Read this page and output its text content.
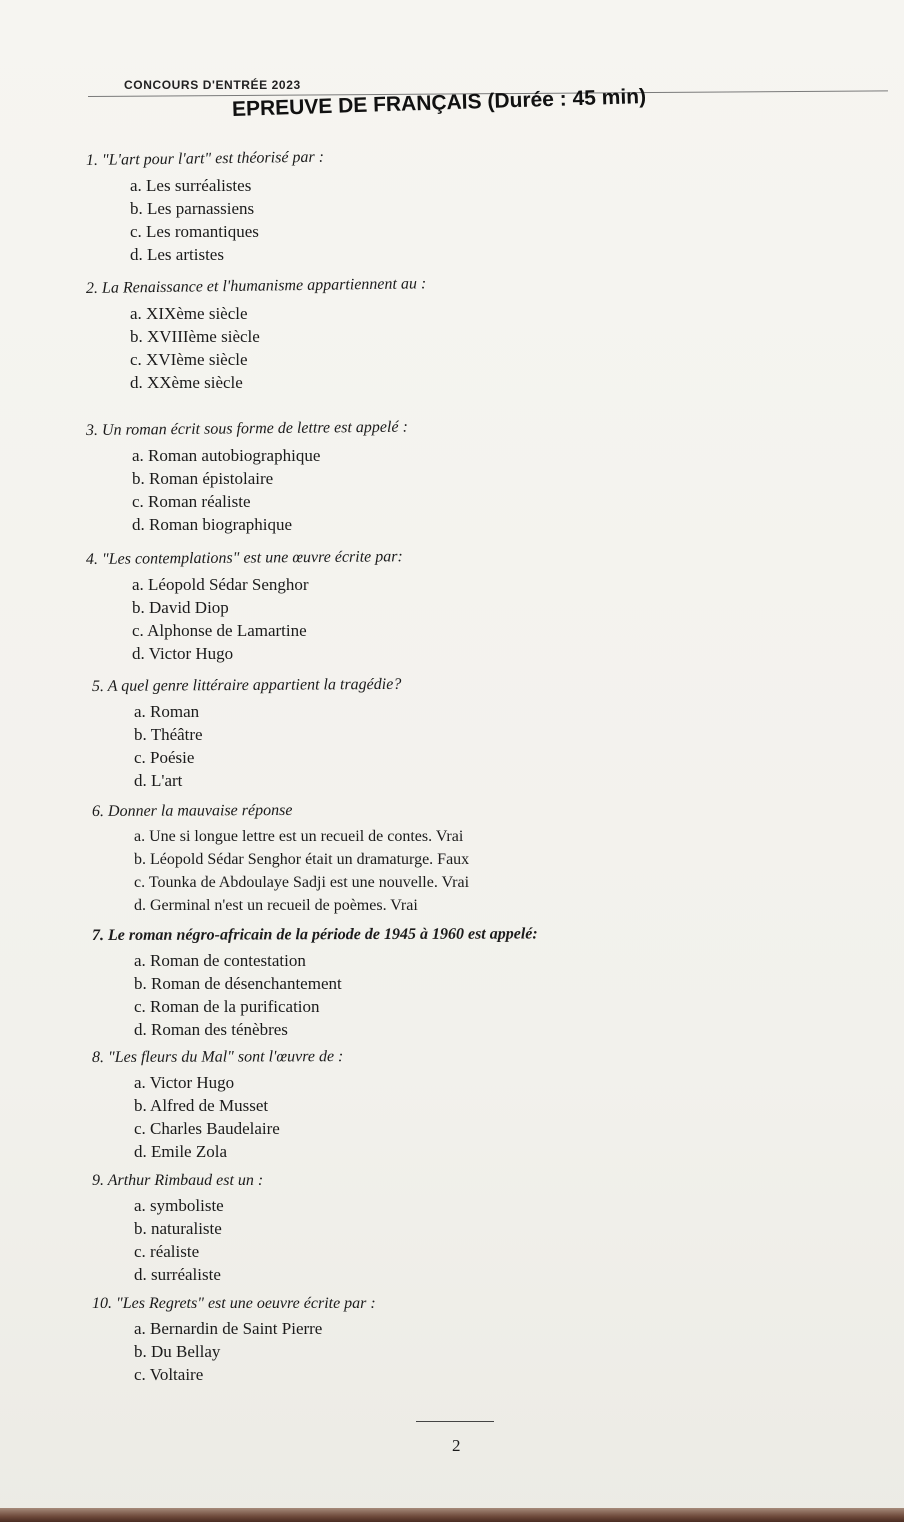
CONCOURS D'ENTRÉE 2023
EPREUVE DE FRANÇAIS (Durée : 45 min)
1. "L'art pour l'art" est théorisé par :
a. Les surréalistes
b. Les parnassiens
c. Les romantiques
d. Les artistes
2. La Renaissance et l'humanisme appartiennent au :
a. XIXème siècle
b. XVIIIème siècle
c. XVIème siècle
d. XXème siècle
3. Un roman écrit sous forme de lettre est appelé :
a. Roman autobiographique
b. Roman épistolaire
c. Roman réaliste
d. Roman biographique
4. "Les contemplations" est une œuvre écrite par:
a. Léopold Sédar Senghor
b. David Diop
c. Alphonse de Lamartine
d. Victor Hugo
5. A quel genre littéraire appartient la tragédie?
a. Roman
b. Théâtre
c. Poésie
d. L'art
6. Donner la mauvaise réponse
a. Une si longue lettre est un recueil de contes. Vrai
b. Léopold Sédar Senghor était un dramaturge. Faux
c. Tounka de Abdoulaye Sadji est une nouvelle. Vrai
d. Germinal n'est un recueil de poèmes. Vrai
7. Le roman négro-africain de la période de 1945 à 1960 est appelé:
a. Roman de contestation
b. Roman de désenchantement
c. Roman de la purification
d. Roman des ténèbres
8. "Les fleurs du Mal" sont l'œuvre de :
a. Victor Hugo
b. Alfred de Musset
c. Charles Baudelaire
d. Emile Zola
9. Arthur Rimbaud est un :
a. symboliste
b. naturaliste
c. réaliste
d. surréaliste
10. "Les Regrets" est une oeuvre écrite par :
a. Bernardin de Saint Pierre
b. Du Bellay
c. Voltaire
2
